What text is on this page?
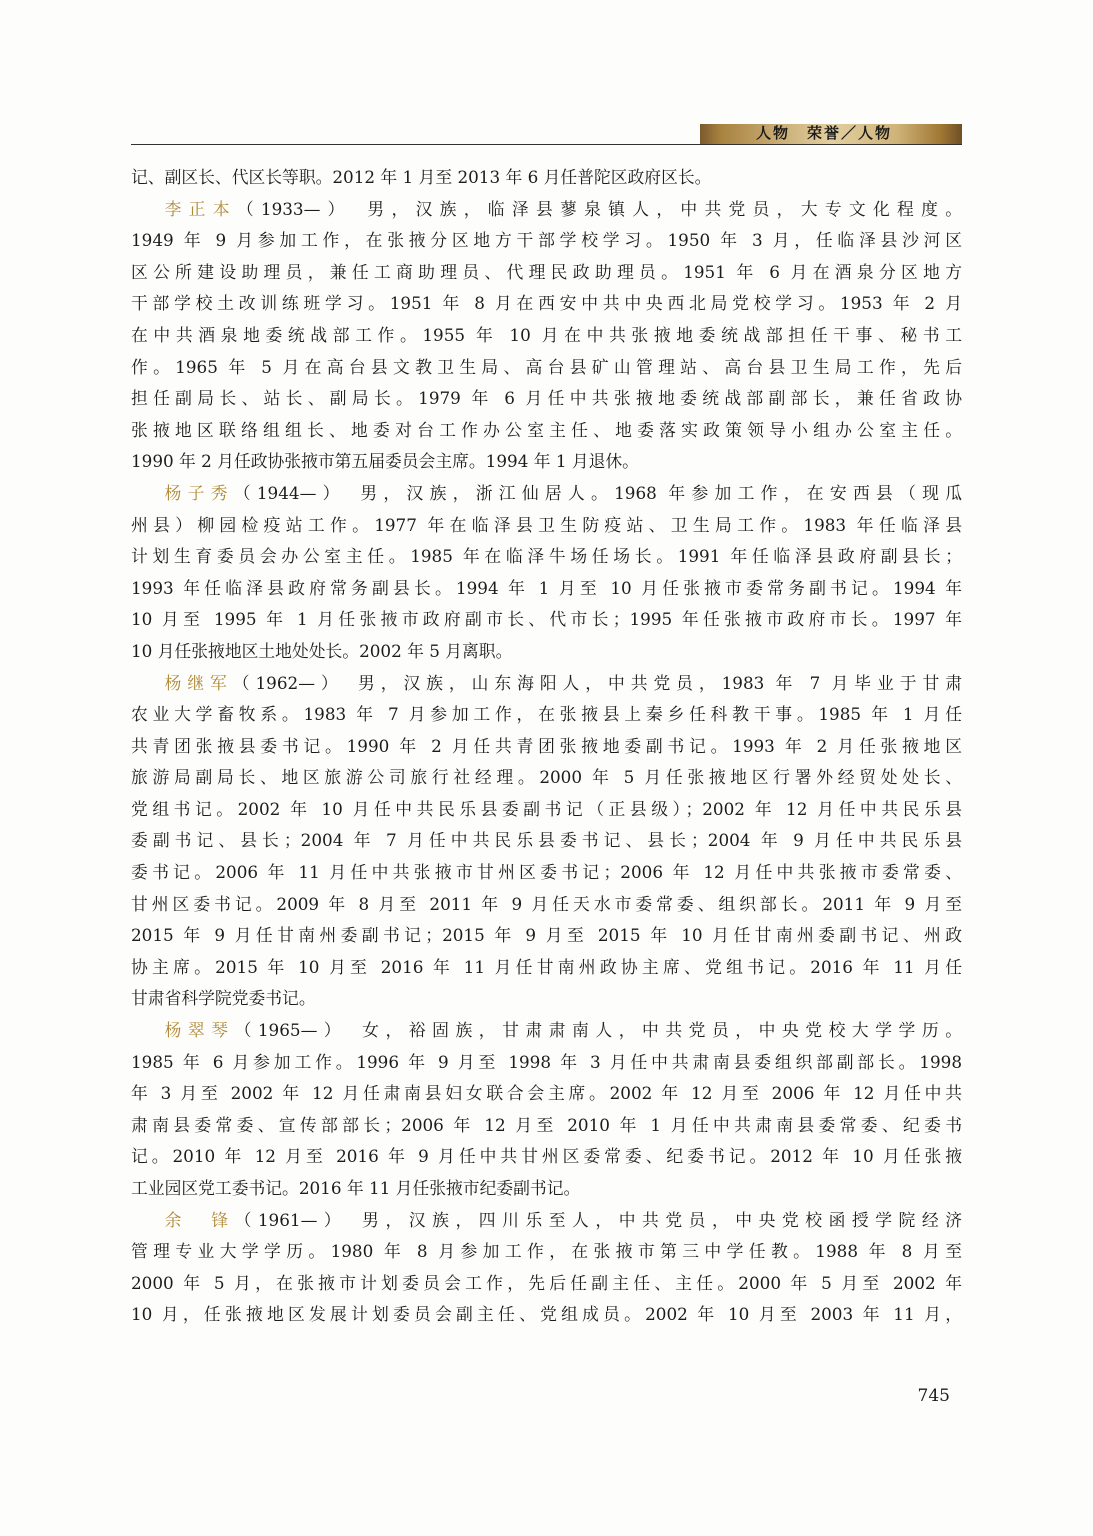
人物　荣誉／人物

记、副区长、代区长等职。2012 年 1 月至 2013 年 6 月任普陀区政府区长。

李正本（1933—）　男，汉族，临泽县蓼泉镇人，中共党员，大专文化程度。

1949 年 9 月参加工作，在张掖分区地方干部学校学习。1950 年 3 月，任临泽县沙河区

区公所建设助理员，兼任工商助理员、代理民政助理员。1951 年 6 月在酒泉分区地方

干部学校土改训练班学习。1951 年 8 月在西安中共中央西北局党校学习。1953 年 2 月

在中共酒泉地委统战部工作。1955 年 10 月在中共张掖地委统战部担任干事、秘书工

作。1965 年 5 月在高台县文教卫生局、高台县矿山管理站、高台县卫生局工作，先后

担任副局长、站长、副局长。1979 年 6 月任中共张掖地委统战部副部长，兼任省政协

张掖地区联络组组长、地委对台工作办公室主任、地委落实政策领导小组办公室主任。

1990 年 2 月任政协张掖市第五届委员会主席。1994 年 1 月退休。

杨子秀（1944—）　男，汉族，浙江仙居人。1968 年参加工作，在安西县（现瓜

州县）柳园检疫站工作。1977 年在临泽县卫生防疫站、卫生局工作。1983 年任临泽县

计划生育委员会办公室主任。1985 年在临泽牛场任场长。1991 年任临泽县政府副县长；

1993 年任临泽县政府常务副县长。1994 年 1 月至 10 月任张掖市委常务副书记。1994 年

10 月至 1995 年 1 月任张掖市政府副市长、代市长；1995 年任张掖市政府市长。1997 年

10 月任张掖地区土地处处长。2002 年 5 月离职。

杨继军（1962—）　男，汉族，山东海阳人，中共党员，1983 年 7 月毕业于甘肃

农业大学畜牧系。1983 年 7 月参加工作，在张掖县上秦乡任科教干事。1985 年 1 月任

共青团张掖县委书记。1990 年 2 月任共青团张掖地委副书记。1993 年 2 月任张掖地区

旅游局副局长、地区旅游公司旅行社经理。2000 年 5 月任张掖地区行署外经贸处处长、

党组书记。2002 年 10 月任中共民乐县委副书记（正县级）；2002 年 12 月任中共民乐县

委副书记、县长；2004 年 7 月任中共民乐县委书记、县长；2004 年 9 月任中共民乐县

委书记。2006 年 11 月任中共张掖市甘州区委书记；2006 年 12 月任中共张掖市委常委、

甘州区委书记。2009 年 8 月至 2011 年 9 月任天水市委常委、组织部长。2011 年 9 月至

2015 年 9 月任甘南州委副书记；2015 年 9 月至 2015 年 10 月任甘南州委副书记、州政

协主席。2015 年 10 月至 2016 年 11 月任甘南州政协主席、党组书记。2016 年 11 月任

甘肃省科学院党委书记。

杨翠琴（1965—）　女，裕固族，甘肃肃南人，中共党员，中央党校大学学历。

1985 年 6 月参加工作。1996 年 9 月至 1998 年 3 月任中共肃南县委组织部副部长。1998

年 3 月至 2002 年 12 月任肃南县妇女联合会主席。2002 年 12 月至 2006 年 12 月任中共

肃南县委常委、宣传部部长；2006 年 12 月至 2010 年 1 月任中共肃南县委常委、纪委书

记。2010 年 12 月至 2016 年 9 月任中共甘州区委常委、纪委书记。2012 年 10 月任张掖

工业园区党工委书记。2016 年 11 月任张掖市纪委副书记。

余　锋（1961—）　男，汉族，四川乐至人，中共党员，中央党校函授学院经济

管理专业大学学历。1980 年 8 月参加工作，在张掖市第三中学任教。1988 年 8 月至

2000 年 5 月，在张掖市计划委员会工作，先后任副主任、主任。2000 年 5 月至 2002 年

10 月，任张掖地区发展计划委员会副主任、党组成员。2002 年 10 月至 2003 年 11 月，

745
